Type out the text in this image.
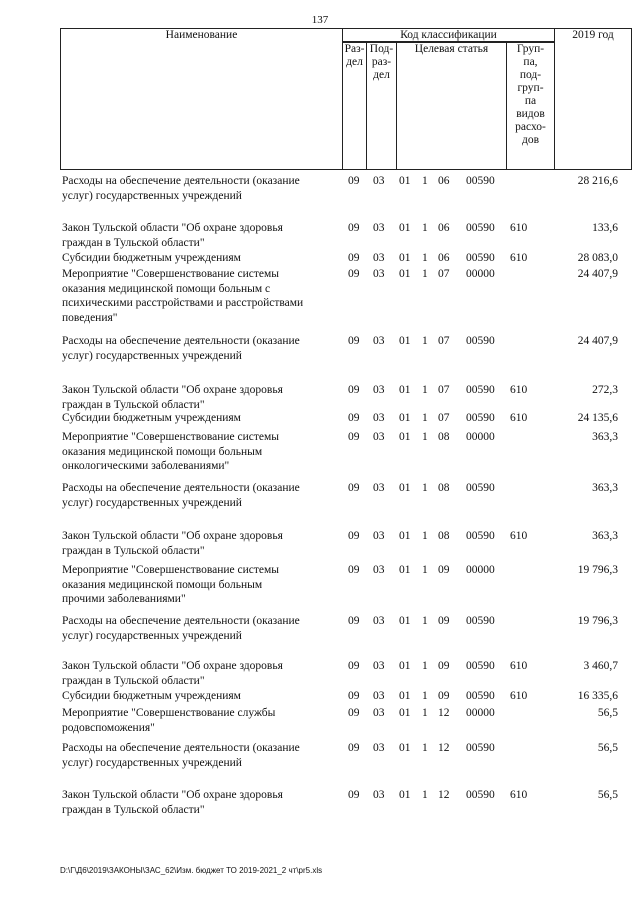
137
Наименование	Код классификации	2019 год
Раз-
дел
Под-
раз-
дел
Целевая статья	Груп-
па,
под-
груп-
па
видов
расхо-
дов
Расходы на обеспечение деятельности (оказание
услуг) государственных учреждений
09 03 01 1 06 00590	28 216,6
Закон Тульской области "Об охране здоровья
граждан в Тульской области"
09 03 01 1 06 00590 610	133,6
Субсидии бюджетным учреждениям	09 03 01 1 06 00590 610	28 083,0
Мероприятие "Совершенствование системы
оказания медицинской помощи больным с
психическими расстройствами и расстройствами
поведения"
09 03 01 1 07 00000	24 407,9
Расходы на обеспечение деятельности (оказание
услуг) государственных учреждений
09 03 01 1 07 00590	24 407,9
Закон Тульской области "Об охране здоровья
граждан в Тульской области"
09 03 01 1 07 00590 610	272,3
Субсидии бюджетным учреждениям	09 03 01 1 07 00590 610	24 135,6
Мероприятие "Совершенствование системы
оказания медицинской помощи больным
онкологическими заболеваниями"
09 03 01 1 08 00000	363,3
Расходы на обеспечение деятельности (оказание
услуг) государственных учреждений
09 03 01 1 08 00590	363,3
Закон Тульской области "Об охране здоровья
граждан в Тульской области"
09 03 01 1 08 00590 610	363,3
Мероприятие "Совершенствование системы
оказания медицинской помощи больным
прочими заболеваниями"
09 03 01 1 09 00000	19 796,3
Расходы на обеспечение деятельности (оказание
услуг) государственных учреждений
09 03 01 1 09 00590	19 796,3
Закон Тульской области "Об охране здоровья
граждан в Тульской области"
09 03 01 1 09 00590 610	3 460,7
Субсидии бюджетным учреждениям	09 03 01 1 09 00590 610	16 335,6
Мероприятие "Совершенствование службы
родовспоможения"
09 03 01 1 12 00000	56,5
Расходы на обеспечение деятельности (оказание
услуг) государственных учреждений
09 03 01 1 12 00590	56,5
Закон Тульской области "Об охране здоровья
граждан в Тульской области"
09 03 01 1 12 00590 610	56,5
D:\Г\Д6\2019\ЗАКОНЫ\ЗАС_62\Изм. бюджет ТО 2019-2021_2 чт\pr5.xls
